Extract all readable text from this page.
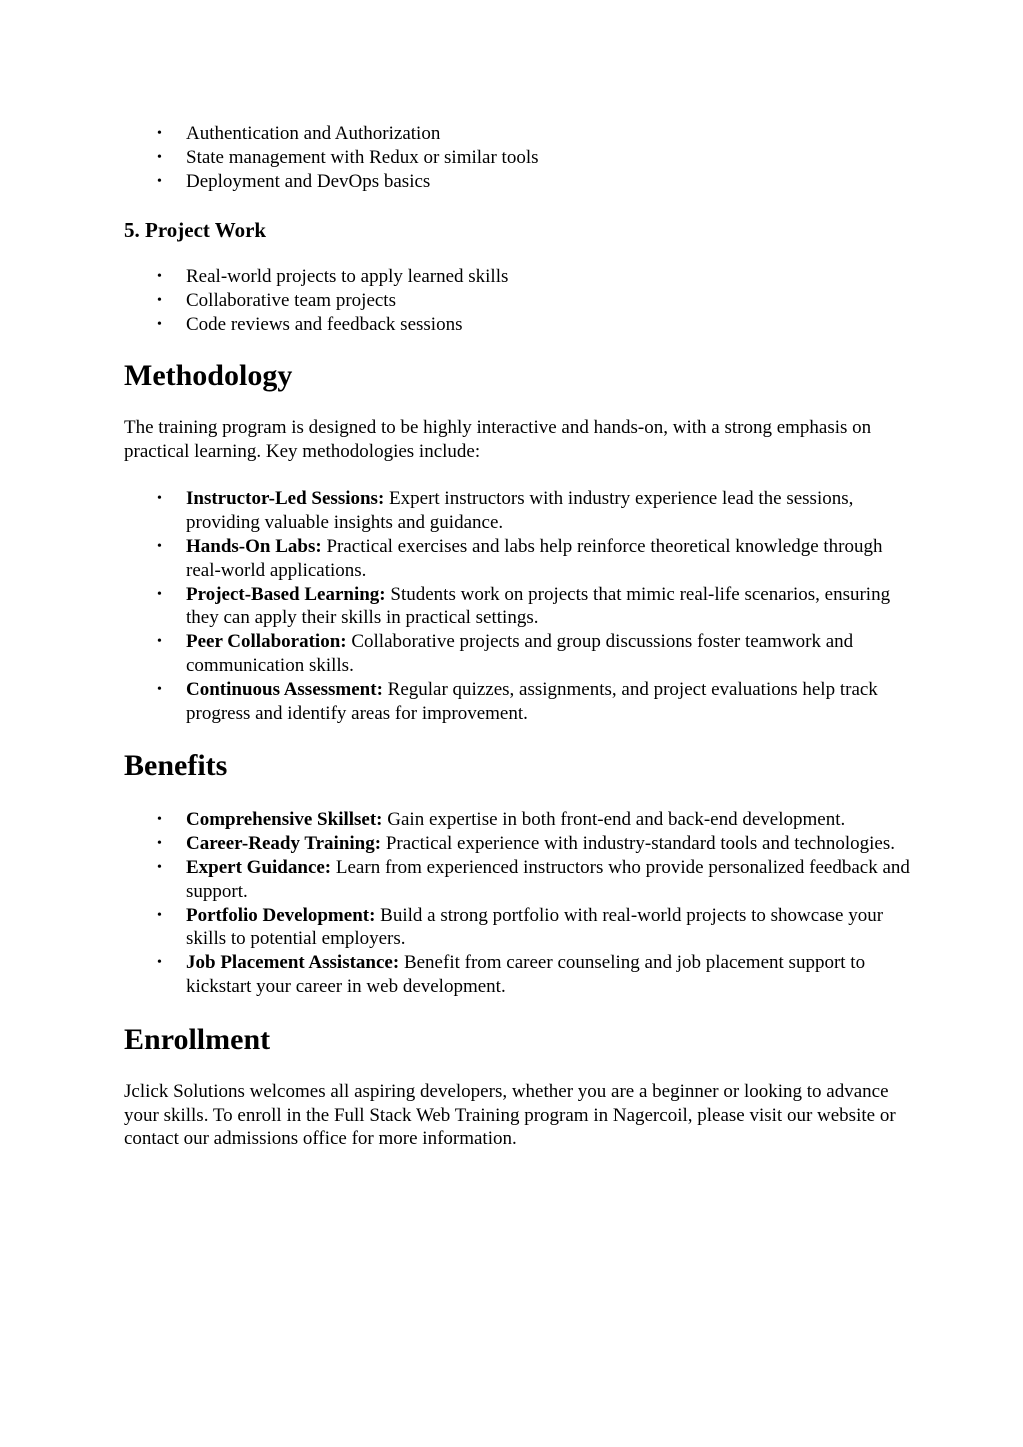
•
Authentication and Authorization
•
State management with Redux or similar tools
•
Deployment and DevOps basics
5. Project Work
•
Real-world projects to apply learned skills
•
Collaborative team projects
•
Code reviews and feedback sessions
Methodology

The training program is designed to be highly interactive and hands-on, with a strong emphasis on practical learning. Key methodologies include:

•
Instructor-Led Sessions: Expert instructors with industry experience lead the sessions, providing valuable insights and guidance.
•
Hands-On Labs: Practical exercises and labs help reinforce theoretical knowledge through real-world applications.
•
Project-Based Learning: Students work on projects that mimic real-life scenarios, ensuring they can apply their skills in practical settings.
•
Peer Collaboration: Collaborative projects and group discussions foster teamwork and communication skills.
•
Continuous Assessment: Regular quizzes, assignments, and project evaluations help track progress and identify areas for improvement.
Benefits
•
Comprehensive Skillset: Gain expertise in both front-end and back-end development.
•
Career-Ready Training: Practical experience with industry-standard tools and technologies.
•
Expert Guidance: Learn from experienced instructors who provide personalized feedback and support.
•
Portfolio Development: Build a strong portfolio with real-world projects to showcase your skills to potential employers.
•
Job Placement Assistance: Benefit from career counseling and job placement support to kickstart your career in web development.
Enrollment

Jclick Solutions welcomes all aspiring developers, whether you are a beginner or looking to advance your skills. To enroll in the Full Stack Web Training program in Nagercoil, please visit our website or contact our admissions office for more information.
